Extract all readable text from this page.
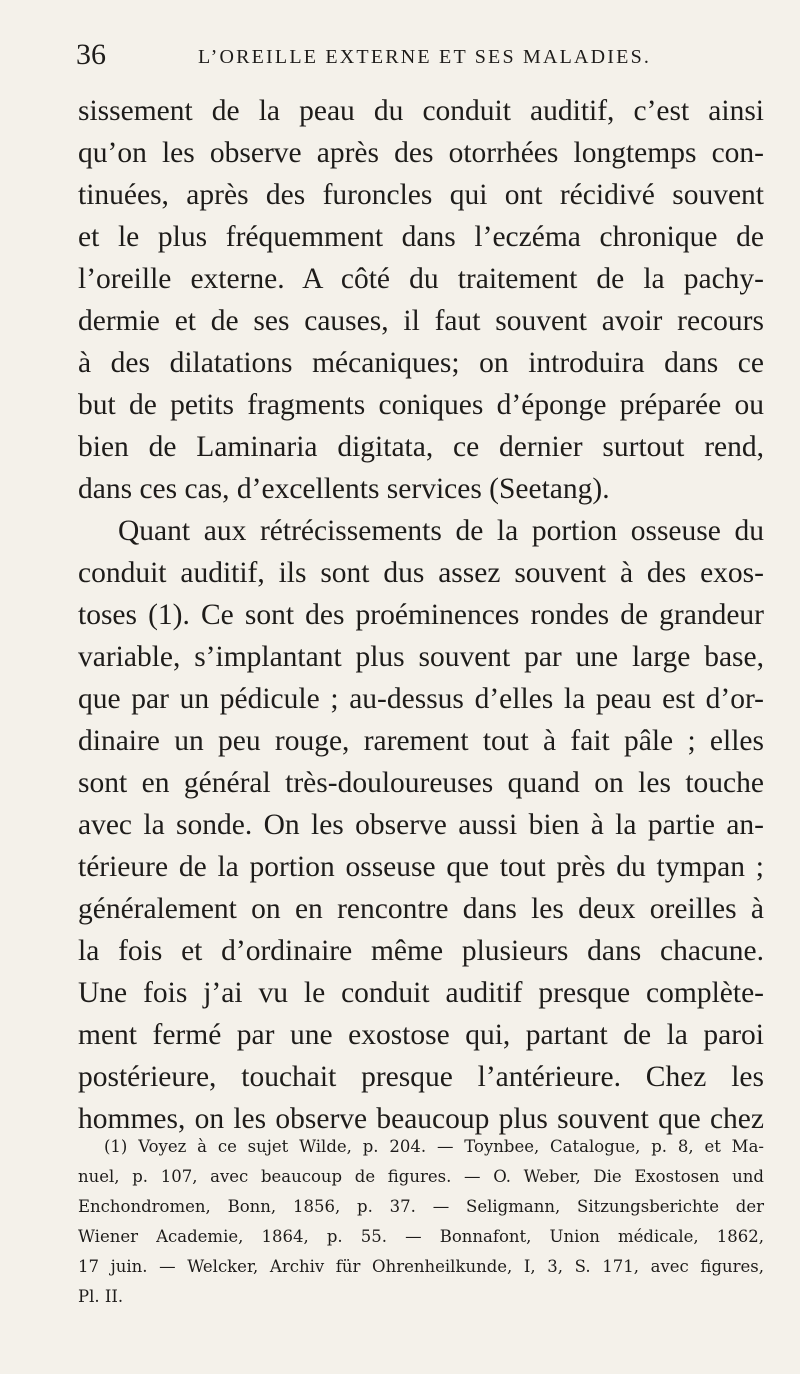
36	L’OREILLE EXTERNE ET SES MALADIES.
sissement de la peau du conduit auditif, c’est ainsi
qu’on les observe après des otorrhées longtemps con-
tinuées, après des furoncles qui ont récidivé souvent
et le plus fréquemment dans l’eczéma chronique de
l’oreille externe. A côté du traitement de la pachy-
dermie et de ses causes, il faut souvent avoir recours
à des dilatations mécaniques; on introduira dans ce
but de petits fragments coniques d’éponge préparée ou
bien de Laminaria digitata, ce dernier surtout rend,
dans ces cas, d’excellents services (Seetang).
Quant aux rétrécissements de la portion osseuse du
conduit auditif, ils sont dus assez souvent à des exos-
toses (1). Ce sont des proéminences rondes de grandeur
variable, s’implantant plus souvent par une large base,
que par un pédicule ; au-dessus d’elles la peau est d’or-
dinaire un peu rouge, rarement tout à fait pâle ; elles
sont en général très-douloureuses quand on les touche
avec la sonde. On les observe aussi bien à la partie an-
térieure de la portion osseuse que tout près du tympan ;
généralement on en rencontre dans les deux oreilles à
la fois et d’ordinaire même plusieurs dans chacune.
Une fois j’ai vu le conduit auditif presque complète-
ment fermé par une exostose qui, partant de la paroi
postérieure, touchait presque l’antérieure. Chez les
hommes, on les observe beaucoup plus souvent que chez
(1) Voyez à ce sujet Wilde, p. 204. — Toynbee, Catalogue, p. 8, et Ma-
nuel, p. 107, avec beaucoup de figures. — O. Weber, Die Exostosen und
Enchondromen, Bonn, 1856, p. 37. — Seligmann, Sitzungsberichte der
Wiener Academie, 1864, p. 55. — Bonnafont, Union médicale, 1862,
17 juin. — Welcker, Archiv für Ohrenheilkunde, I, 3, S. 171, avec figures,
Pl. II.
